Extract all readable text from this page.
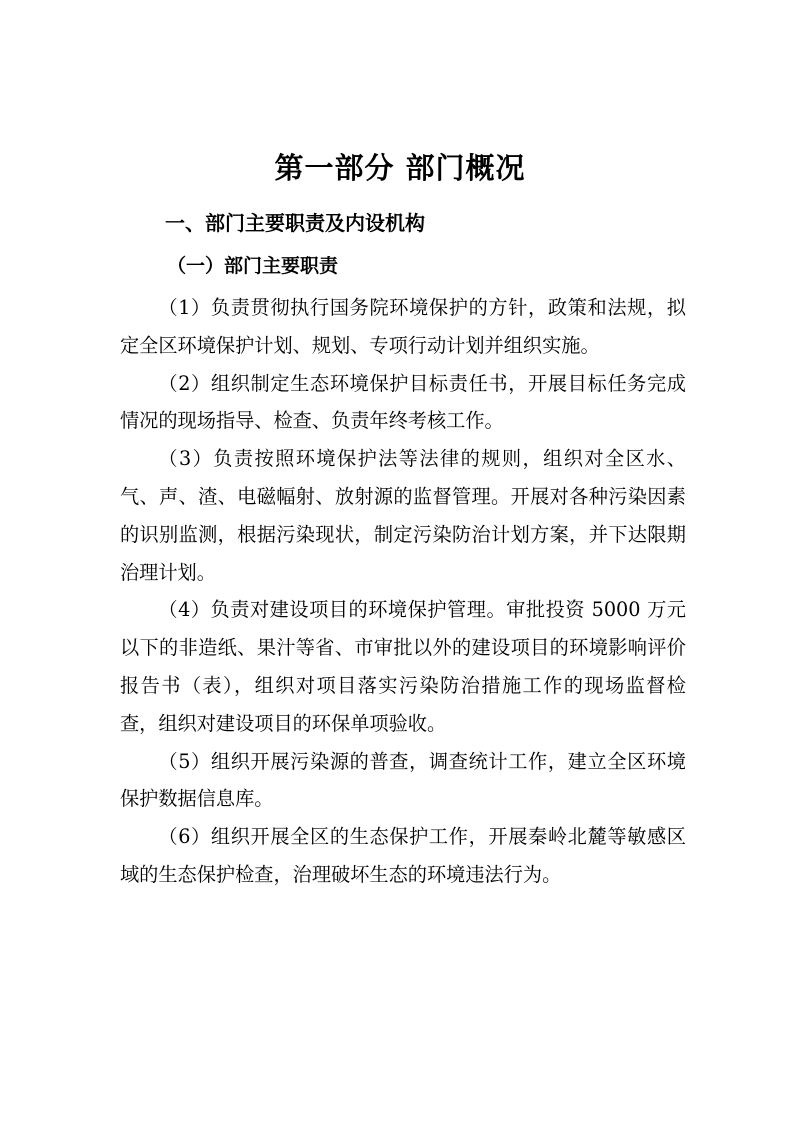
第一部分 部门概况
一、部门主要职责及内设机构
（一）部门主要职责

（1）负责贯彻执行国务院环境保护的方针，政策和法规，拟定全区环境保护计划、规划、专项行动计划并组织实施。

（2）组织制定生态环境保护目标责任书，开展目标任务完成情况的现场指导、检查、负责年终考核工作。

（3）负责按照环境保护法等法律的规则，组织对全区水、气、声、渣、电磁幅射、放射源的监督管理。开展对各种污染因素的识别监测，根据污染现状，制定污染防治计划方案，并下达限期治理计划。

（4）负责对建设项目的环境保护管理。审批投资 5000 万元以下的非造纸、果汁等省、市审批以外的建设项目的环境影响评价报告书（表），组织对项目落实污染防治措施工作的现场监督检查，组织对建设项目的环保单项验收。

（5）组织开展污染源的普查，调查统计工作，建立全区环境保护数据信息库。

（6）组织开展全区的生态保护工作，开展秦岭北麓等敏感区域的生态保护检查，治理破坏生态的环境违法行为。
